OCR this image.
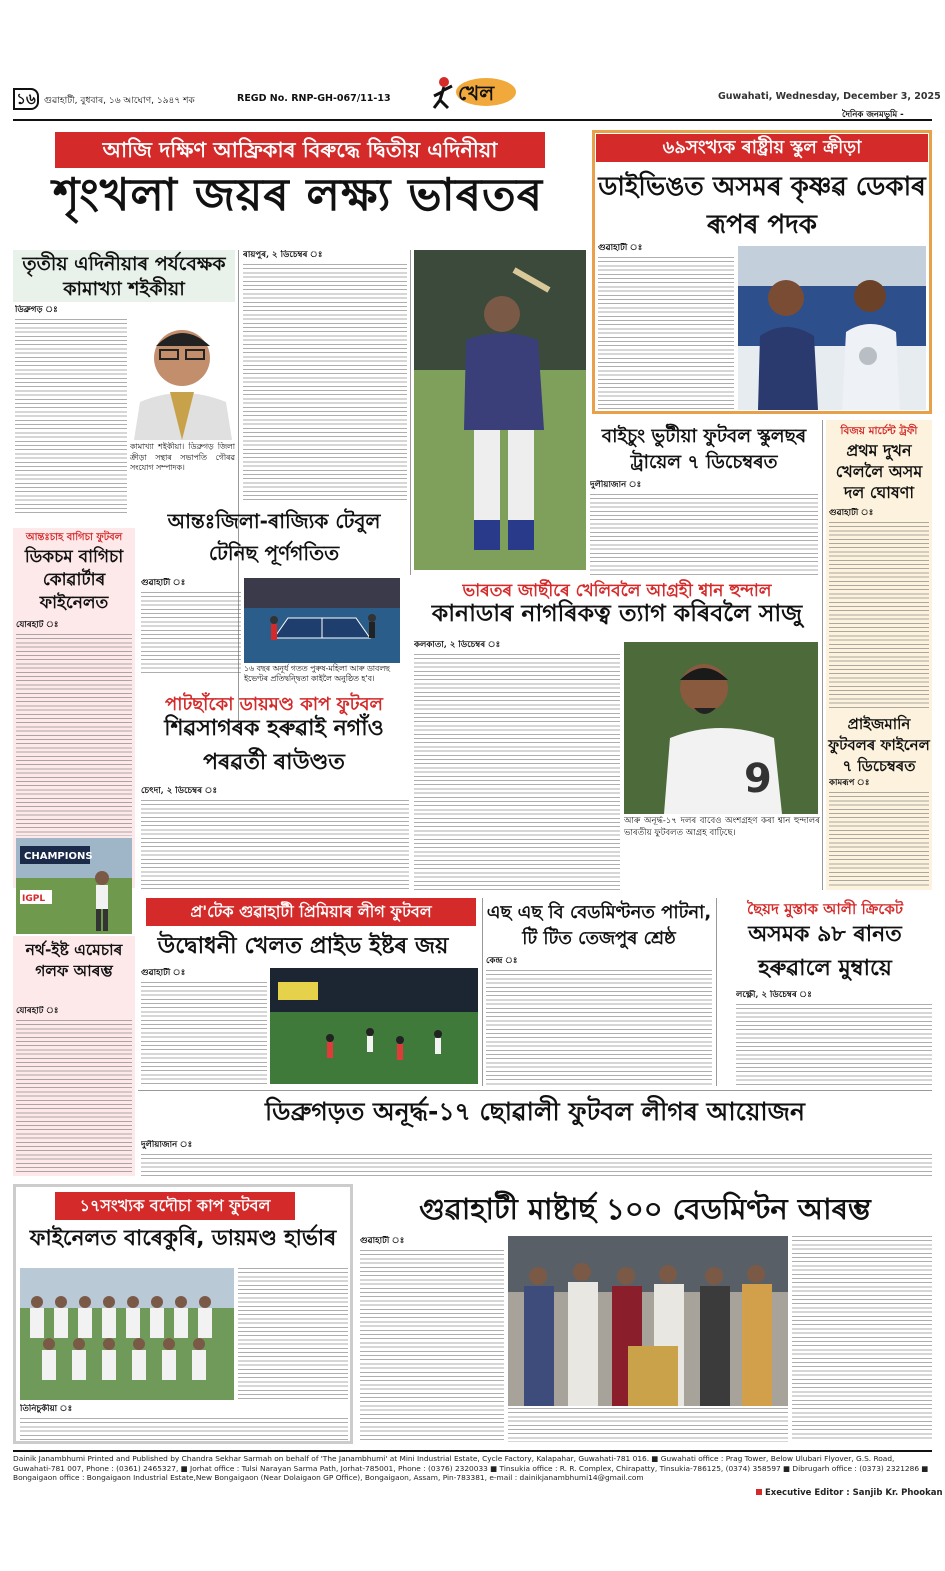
১৬ গুৱাহাটী, বুধবাৰ, ১৬ আঘোণ, ১৯৪৭ শক	REGD No. RNP-GH-067/11-13	খেল	Guwahati, Wednesday, December 3, 2025
দৈনিক জনমভূমি -
আজি দক্ষিণ আফ্ৰিকাৰ বিৰুদ্ধে দ্বিতীয় এদিনীয়া
শৃংখলা জয়ৰ লক্ষ্য ভাৰতৰ
৬৯সংখ্যক ৰাষ্ট্ৰীয় স্কুল ক্ৰীড়া
ডাইভিঙত অসমৰ কৃষ্ণৱ ডেকাৰ ৰূপৰ পদক
গুৱাহাটী ঃ
তৃতীয় এদিনীয়াৰ পৰ্যবেক্ষক কামাখ্যা শইকীয়া
ডিব্ৰুগড় ঃ
কামাখ্যা শইকীয়া। ডিব্ৰুগড় জিলা ক্ৰীড়া সন্থাৰ সভাপতি গৌৰৱ সংযোগ সম্পাদক।
ৰায়পুৰ, ২ ডিচেম্বৰ ঃ
বাইচুং ভুটীয়া ফুটবল স্কুলছৰ ট্ৰায়েল ৭ ডিচেম্বৰত
দুলীয়াজান ঃ
বিজয় মাৰ্চেন্ট ট্ৰফী
প্ৰথম দুখন খেললৈ অসম দল ঘোষণা
গুৱাহাটী ঃ
প্ৰাইজমানি ফুটবলৰ ফাইনেল ৭ ডিচেম্বৰত
কামৰূপ ঃ
আন্তঃচাহ বাগিচা ফুটবল
ডিকচম বাগিচা কোৱাৰ্টাৰ ফাইনেলত
যোৰহাট ঃ
আন্তঃজিলা-ৰাজ্যিক টেবুল টেনিছ পূৰ্ণগতিত
গুৱাহাটী ঃ
১৬ বছৰ অনূৰ্ধ গতত পুৰুষ-মহিলা আৰু ডাবলছ ইভেণ্টৰ প্ৰতিদ্বন্দ্বিতা কাইলৈ অনুষ্ঠিত হ'ব।
ভাৰতৰ জাৰ্ছীৰে খেলিবলৈ আগ্ৰহী শ্বান হুন্দাল
কানাডাৰ নাগৰিকত্ব ত্যাগ কৰিবলৈ সাজু
কলকাতা, ২ ডিচেম্বৰ ঃ
9
আৰু অনূৰ্দ্ধ-১৭ দলৰ বাবেও অংশগ্ৰহণ কৰা শ্বান হুন্দালৰ ভাৰতীয় ফুটবলত আগ্ৰহ বাঢ়িছে।
পাটছাঁকো ডায়মণ্ড কাপ ফুটবল
শিৱসাগৰক হৰুৱাই নগাঁও পৰৱৰ্তী ৰাউণ্ডত
চেৎদা, ২ ডিচেম্বৰ ঃ
CHAMPIONS
IGPL
নৰ্থ-ইষ্ট এমেচাৰ গলফ আৰম্ভ
যোৰহাট ঃ
প্ৰ'টেক গুৱাহাটী প্ৰিমিয়াৰ লীগ ফুটবল
উদ্বোধনী খেলত প্ৰাইড ইষ্টৰ জয়
গুৱাহাটী ঃ
এছ এছ বি বেডমিণ্টনত পাটনা, টি টিত তেজপুৰ শ্ৰেষ্ঠ
কেন্দ্ৰ ঃ
ছৈয়দ মুস্তাক আলী ক্ৰিকেট
অসমক ৯৮ ৰানত হৰুৱালে মুম্বায়ে
লক্ষ্ণৌ, ২ ডিচেম্বৰ ঃ
ডিব্ৰুগড়ত অনূৰ্দ্ধ-১৭ ছোৱালী ফুটবল লীগৰ আয়োজন
দুলীয়াজান ঃ
১৭সংখ্যক বদৌচা কাপ ফুটবল
ফাইনেলত বাৰেকুৰি, ডায়মণ্ড হাৰ্ভাৰ
তিনিচুকীয়া ঃ
গুৱাহাটী মাষ্টাৰ্ছ ১০০ বেডমিণ্টন আৰম্ভ
গুৱাহাটী ঃ
Dainik Janambhumi Printed and Published by Chandra Sekhar Sarmah on behalf of 'The Janambhumi' at Mini Industrial Estate, Cycle Factory, Kalapahar, Guwahati-781 016. ■ Guwahati office : Prag Tower, Below Ulubari Flyover, G.S. Road, Guwahati-781 007, Phone : (0361) 2465327, ■ Jorhat office : Tulsi Narayan Sarma Path, Jorhat-785001, Phone : (0376) 2320033 ■ Tinsukia office : R. R. Complex, Chirapatty, Tinsukia-786125, (0374) 358597 ■ Dibrugarh office : (0373) 2321286 ■ Bongaigaon office : Bongaigaon Industrial Estate,New Bongaigaon (Near Dolaigaon GP Office), Bongaigaon, Assam, Pin-783381, e-mail : dainikjanambhumi14@gmail.com
Executive Editor : Sanjib Kr. Phookan
